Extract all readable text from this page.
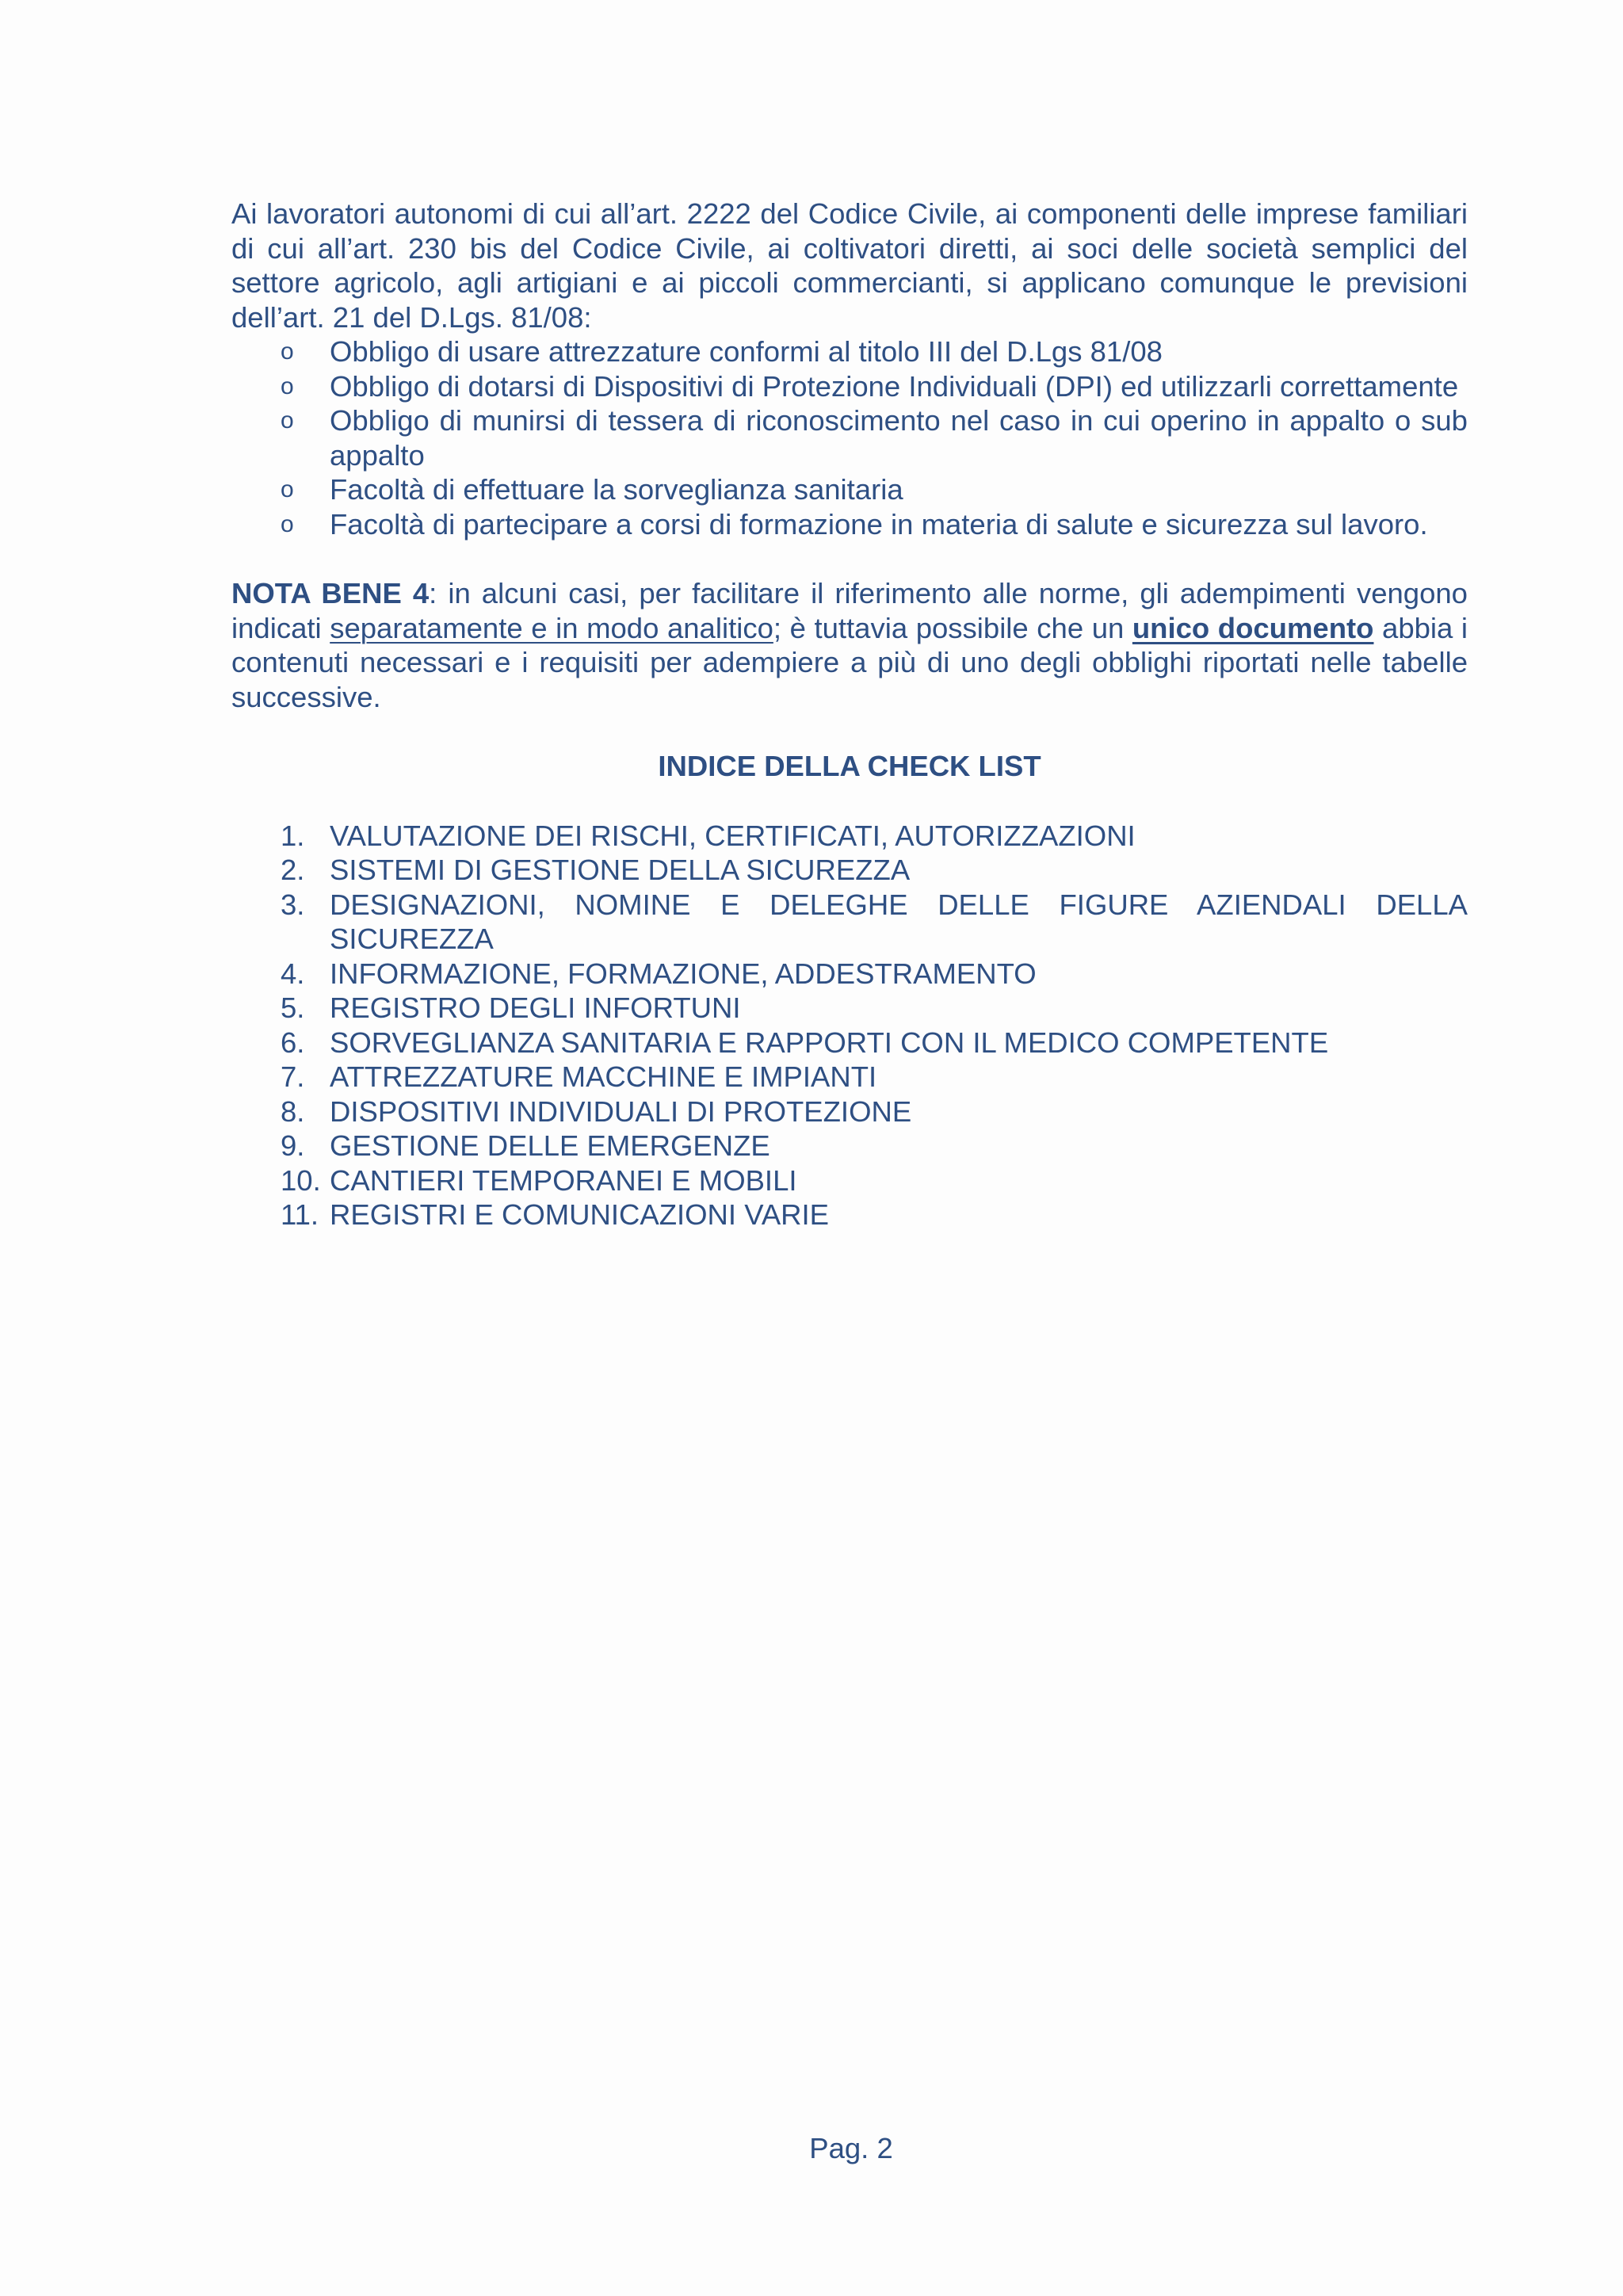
Ai lavoratori autonomi di cui all’art. 2222 del Codice Civile, ai componenti delle imprese familiari di cui all’art. 230 bis del Codice Civile, ai coltivatori diretti, ai soci delle società semplici del settore agricolo, agli artigiani e ai piccoli commercianti, si applicano comunque le previsioni dell’art. 21 del D.Lgs. 81/08:

o Obbligo di usare attrezzature conformi al titolo III del D.Lgs 81/08
o Obbligo di dotarsi di Dispositivi di Protezione Individuali (DPI) ed utilizzarli correttamente
o Obbligo di munirsi di tessera di riconoscimento nel caso in cui operino in appalto o sub appalto
o Facoltà di effettuare la sorveglianza sanitaria
o Facoltà di partecipare a corsi di formazione in materia di salute e sicurezza sul lavoro.

NOTA BENE 4: in alcuni casi, per facilitare il riferimento alle norme, gli adempimenti vengono indicati separatamente e in modo analitico; è tuttavia possibile che un unico documento abbia i contenuti necessari e i requisiti per adempiere a più di uno degli obblighi riportati nelle tabelle successive.

INDICE DELLA CHECK LIST
1. VALUTAZIONE DEI RISCHI, CERTIFICATI, AUTORIZZAZIONI
2. SISTEMI DI GESTIONE DELLA SICUREZZA
3. DESIGNAZIONI, NOMINE E DELEGHE DELLE FIGURE AZIENDALI DELLA SICUREZZA
4. INFORMAZIONE, FORMAZIONE, ADDESTRAMENTO
5. REGISTRO DEGLI INFORTUNI
6. SORVEGLIANZA SANITARIA E RAPPORTI CON IL MEDICO COMPETENTE
7. ATTREZZATURE MACCHINE E IMPIANTI
8. DISPOSITIVI INDIVIDUALI DI PROTEZIONE
9. GESTIONE DELLE EMERGENZE
10. CANTIERI TEMPORANEI E MOBILI
11. REGISTRI E COMUNICAZIONI VARIE
Pag. 2
